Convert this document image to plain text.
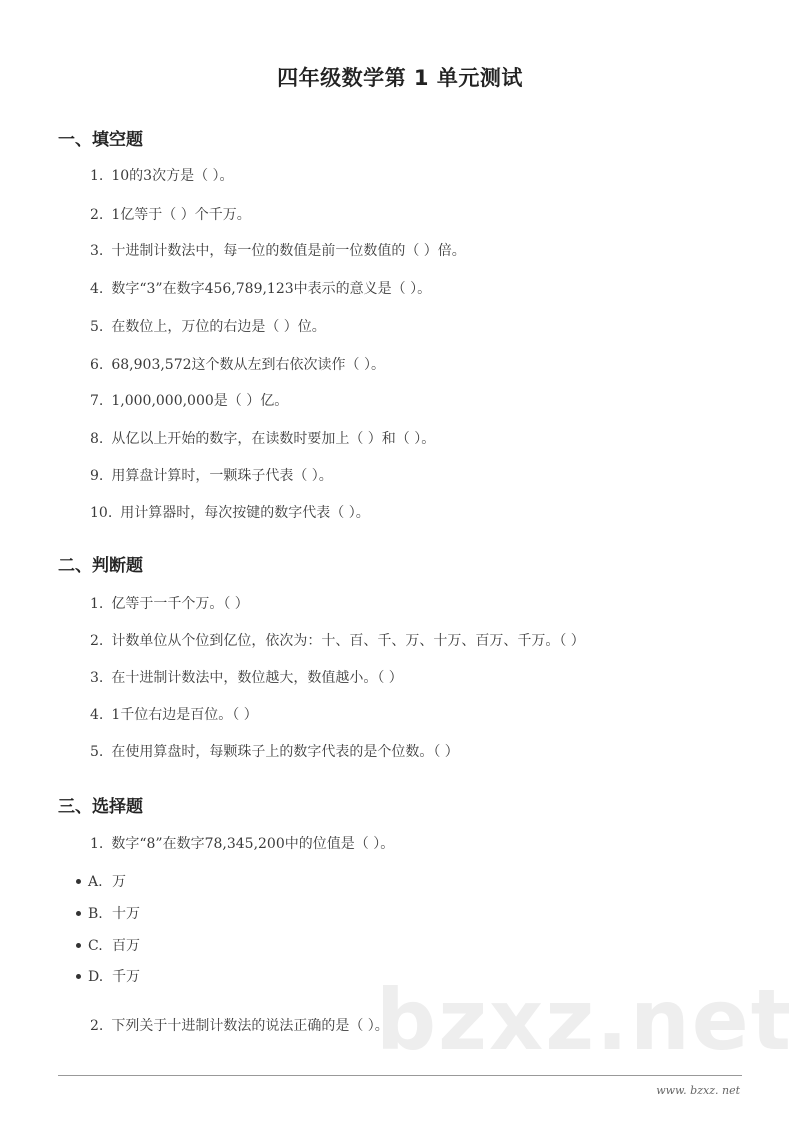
bzxz.net
四年级数学第 1 单元测试
一、填空题
1. 10的3次方是（ ）。
2. 1亿等于（ ）个千万。
3. 十进制计数法中，每一位的数值是前一位数值的（ ）倍。
4. 数字“3”在数字456,789,123中表示的意义是（ ）。
5. 在数位上，万位的右边是（ ）位。
6. 68,903,572这个数从左到右依次读作（ ）。
7. 1,000,000,000是（ ）亿。
8. 从亿以上开始的数字，在读数时要加上（ ）和（ ）。
9. 用算盘计算时，一颗珠子代表（ ）。
10. 用计算器时，每次按键的数字代表（ ）。
二、判断题
1. 亿等于一千个万。（ ）
2. 计数单位从个位到亿位，依次为：十、百、千、万、十万、百万、千万。（ ）
3. 在十进制计数法中，数位越大，数值越小。（ ）
4. 1千位右边是百位。（ ）
5. 在使用算盘时，每颗珠子上的数字代表的是个位数。（ ）
三、选择题
1. 数字“8”在数字78,345,200中的位值是（ ）。
A. 万
B. 十万
C. 百万
D. 千万
2. 下列关于十进制计数法的说法正确的是（ ）。
www. bzxz. net
